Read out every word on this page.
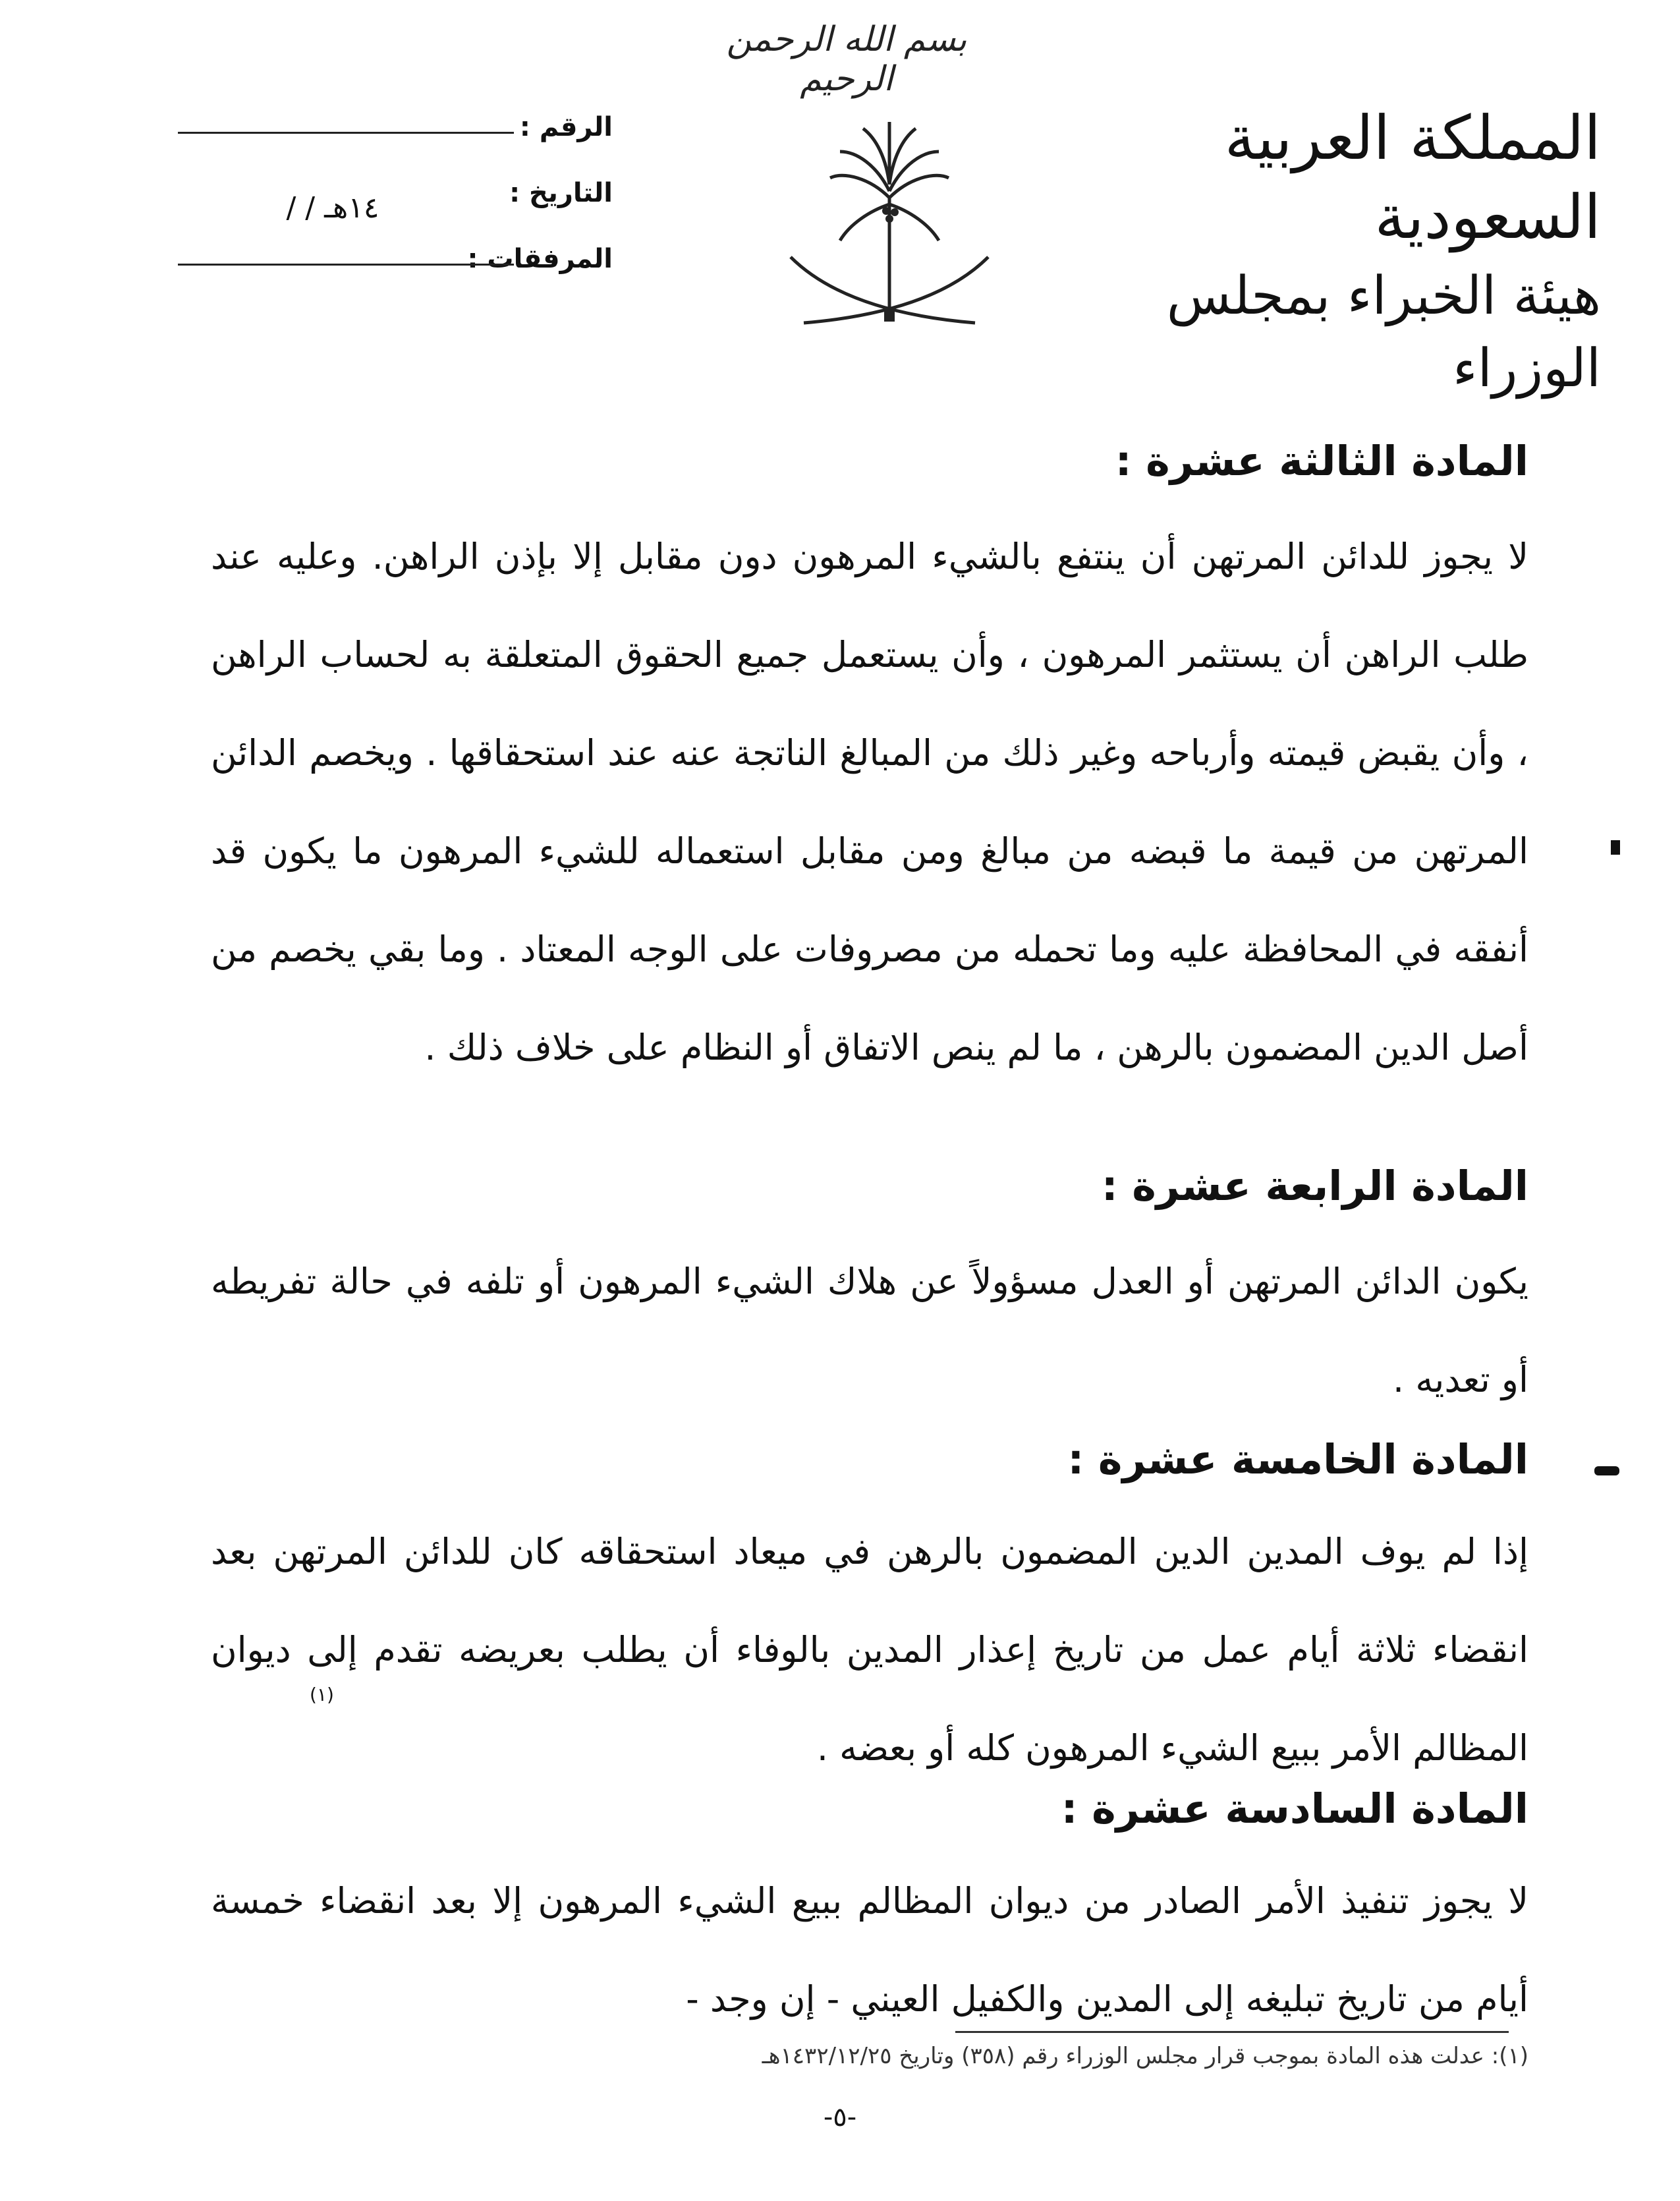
بسم الله الرحمن الرحيم
المملكة العربية السعودية
هيئة الخبراء بمجلس الوزراء
الرقم :
التاريخ :
/ / ١٤هـ
المرفقات :
المادة الثالثة عشرة :
لا يجوز للدائن المرتهن أن ينتفع بالشيء المرهون دون مقابل إلا بإذن الراهن. وعليه عند طلب الراهن أن يستثمر المرهون ، وأن يستعمل جميع الحقوق المتعلقة به لحساب الراهن ، وأن يقبض قيمته وأرباحه وغير ذلك من المبالغ الناتجة عنه عند استحقاقها . ويخصم الدائن المرتهن من قيمة ما قبضه من مبالغ ومن مقابل استعماله للشيء المرهون ما يكون قد أنفقه في المحافظة عليه وما تحمله من مصروفات على الوجه المعتاد . وما بقي يخصم من أصل الدين المضمون بالرهن ، ما لم ينص الاتفاق أو النظام على خلاف ذلك .
المادة الرابعة عشرة :
يكون الدائن المرتهن أو العدل مسؤولاً عن هلاك الشيء المرهون أو تلفه في حالة تفريطه أو تعديه .
المادة الخامسة عشرة :
إذا لم يوف المدين الدين المضمون بالرهن في ميعاد استحقاقه كان للدائن المرتهن بعد انقضاء ثلاثة أيام عمل من تاريخ إعذار المدين بالوفاء أن يطلب بعريضه تقدم إلى ديوان المظالم الأمر ببيع الشيء المرهون كله أو بعضه .
(١)
المادة السادسة عشرة :
لا يجوز تنفيذ الأمر الصادر من ديوان المظالم ببيع الشيء المرهون إلا بعد انقضاء خمسة أيام من تاريخ تبليغه إلى المدين والكفيل العيني - إن وجد -
(١): عدلت هذه المادة بموجب قرار مجلس الوزراء رقم (٣٥٨) وتاريخ ١٤٣٢/١٢/٢٥هـ
-٥-
